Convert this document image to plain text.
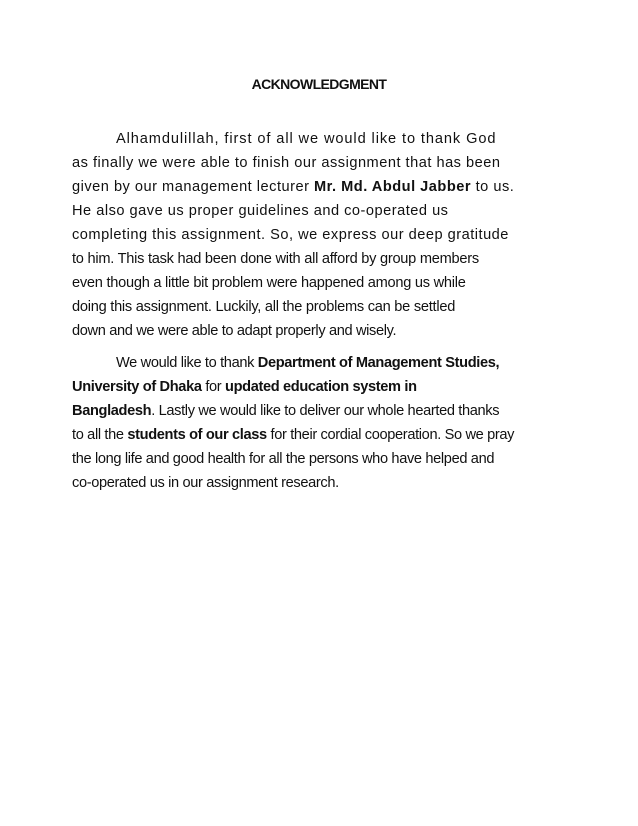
ACKNOWLEDGMENT

Alhamdulillah, first of all we would like to thank God

as finally we were able to finish our assignment that has been

given by our management lecturer Mr. Md. Abdul Jabber to us.

He also gave us proper guidelines and co-operated us

completing this assignment. So, we express our deep gratitude

to him. This task had been done with all afford by group members

even though a little bit problem were happened among us while

doing this assignment. Luckily, all the problems can be settled

down and we were able to adapt properly and wisely.

We would like to thank Department of Management Studies,

University of Dhaka for updated education system in

Bangladesh. Lastly we would like to deliver our whole hearted thanks

to all the students of our class for their cordial cooperation. So we pray

the long life and good health for all the persons who have helped and

co-operated us in our assignment research.
